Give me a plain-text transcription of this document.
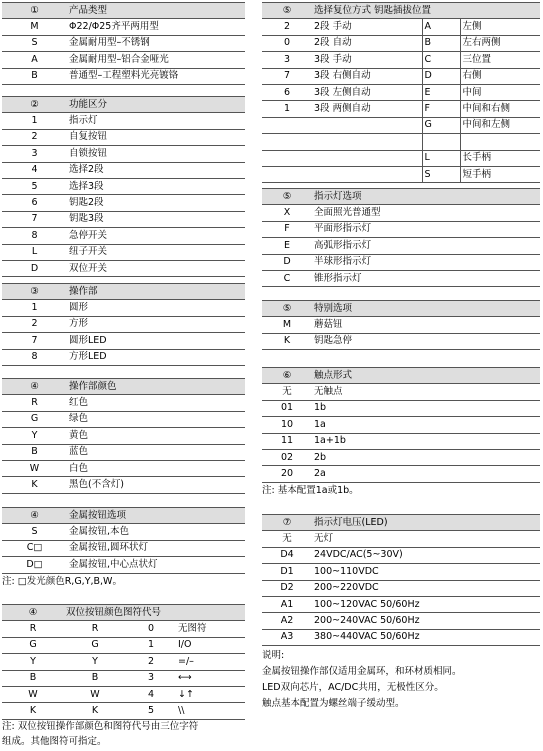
①	产品类型
M	Φ22/Φ25齐平两用型
S	金属耐用型–不锈钢
A	金属耐用型–铝合金哑光
B	普通型–工程塑料光亮镀铬
②	功能区分
1	指示灯
2	自复按钮
3	自锁按钮
4	选择2段
5	选择3段
6	钥匙2段
7	钥匙3段
8	急停开关
L	纽子开关
D	双位开关
③	操作部
1	圆形
2	方形
7	圆形LED
8	方形LED
④	操作部颜色
R	红色
G	绿色
Y	黄色
B	蓝色
W	白色
K	黑色(不含灯)
④	金属按钮选项
S	金属按钮,本色
C□	金属按钮,圆环状灯
D□	金属按钮,中心点状灯
注: □发光颜色R,G,Y,B,W。
④	双位按钮颜色图符代号		
R	R	0	无图符
G	G	1	I/O
Y	Y	2	=/–
B	B	3	⟷
W	W	4	↓↑
K	K	5	\\
注: 双位按钮操作部颜色和图符代号由三位字符
组成。其他图符可指定。
⑤	选择复位方式 钥匙插拔位置		
2	2段 手动	A	左侧
0	2段 自动	B	左右两侧
3	3段 手动	C	三位置
7	3段 右侧自动	D	右侧
6	3段 左侧自动	E	中间
1	3段 两侧自动	F	中间和右侧
		G	中间和左侧

		L	长手柄
		S	短手柄
⑤	指示灯选项
X	全面照光普通型
F	平面形指示灯
E	高弧形指示灯
D	半球形指示灯
C	锥形指示灯
⑤	特别选项
M	蘑菇钮
K	钥匙急停
⑥	触点形式
无	无触点
01	1b
10	1a
11	1a+1b
02	2b
20	2a
注: 基本配置1a或1b。
⑦	指示灯电压(LED)
无	无灯
D4	24VDC/AC(5~30V)
D1	100~110VDC
D2	200~220VDC
A1	100~120VAC 50/60Hz
A2	200~240VAC 50/60Hz
A3	380~440VAC 50/60Hz
说明:
金属按钮操作部仅适用金属环，和环材质相同。
LED双向芯片，AC/DC共用，无极性区分。
触点基本配置为螺丝端子缓动型。
